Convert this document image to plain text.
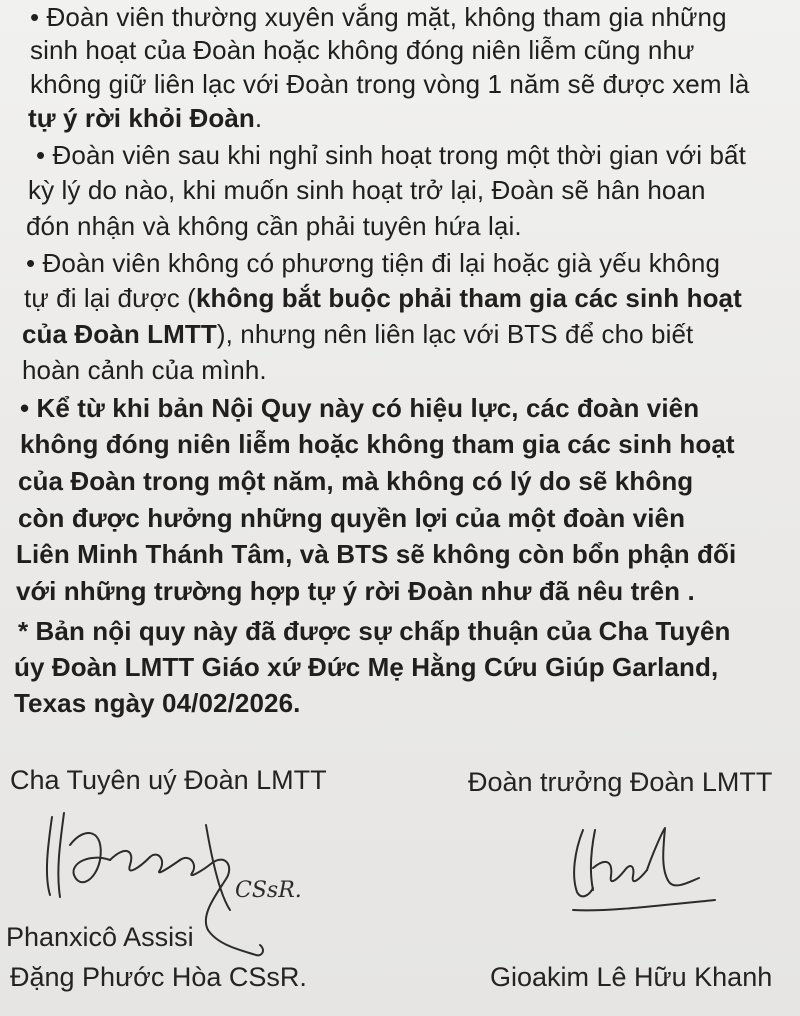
• Đoàn viên thường xuyên vắng mặt, không tham gia những
sinh hoạt của Đoàn hoặc không đóng niên liễm cũng như
không giữ liên lạc với Đoàn trong vòng 1 năm sẽ được xem là
tự ý rời khỏi Đoàn.
• Đoàn viên sau khi nghỉ sinh hoạt trong một thời gian với bất
kỳ lý do nào, khi muốn sinh hoạt trở lại, Đoàn sẽ hân hoan
đón nhận và không cần phải tuyên hứa lại.
• Đoàn viên không có phương tiện đi lại hoặc già yếu không
tự đi lại được (không bắt buộc phải tham gia các sinh hoạt
của Đoàn LMTT), nhưng nên liên lạc với BTS để cho biết
hoàn cảnh của mình.
• Kể từ khi bản Nội Quy này có hiệu lực, các đoàn viên
không đóng niên liễm hoặc không tham gia các sinh hoạt
của Đoàn trong một năm, mà không có lý do sẽ không
còn được hưởng những quyền lợi của một đoàn viên
Liên Minh Thánh Tâm, và BTS sẽ không còn bổn phận đối
với những trường hợp tự ý rời Đoàn như đã nêu trên .
* Bản nội quy này đã được sự chấp thuận của Cha Tuyên
úy Đoàn LMTT Giáo xứ Đức Mẹ Hằng Cứu Giúp Garland,
Texas ngày 04/02/2026.
Cha Tuyên uý Đoàn LMTT
CSsR.
Phanxicô Assisi
Đặng Phước Hòa CSsR.
Đoàn trưởng Đoàn LMTT
Gioakim Lê Hữu Khanh
